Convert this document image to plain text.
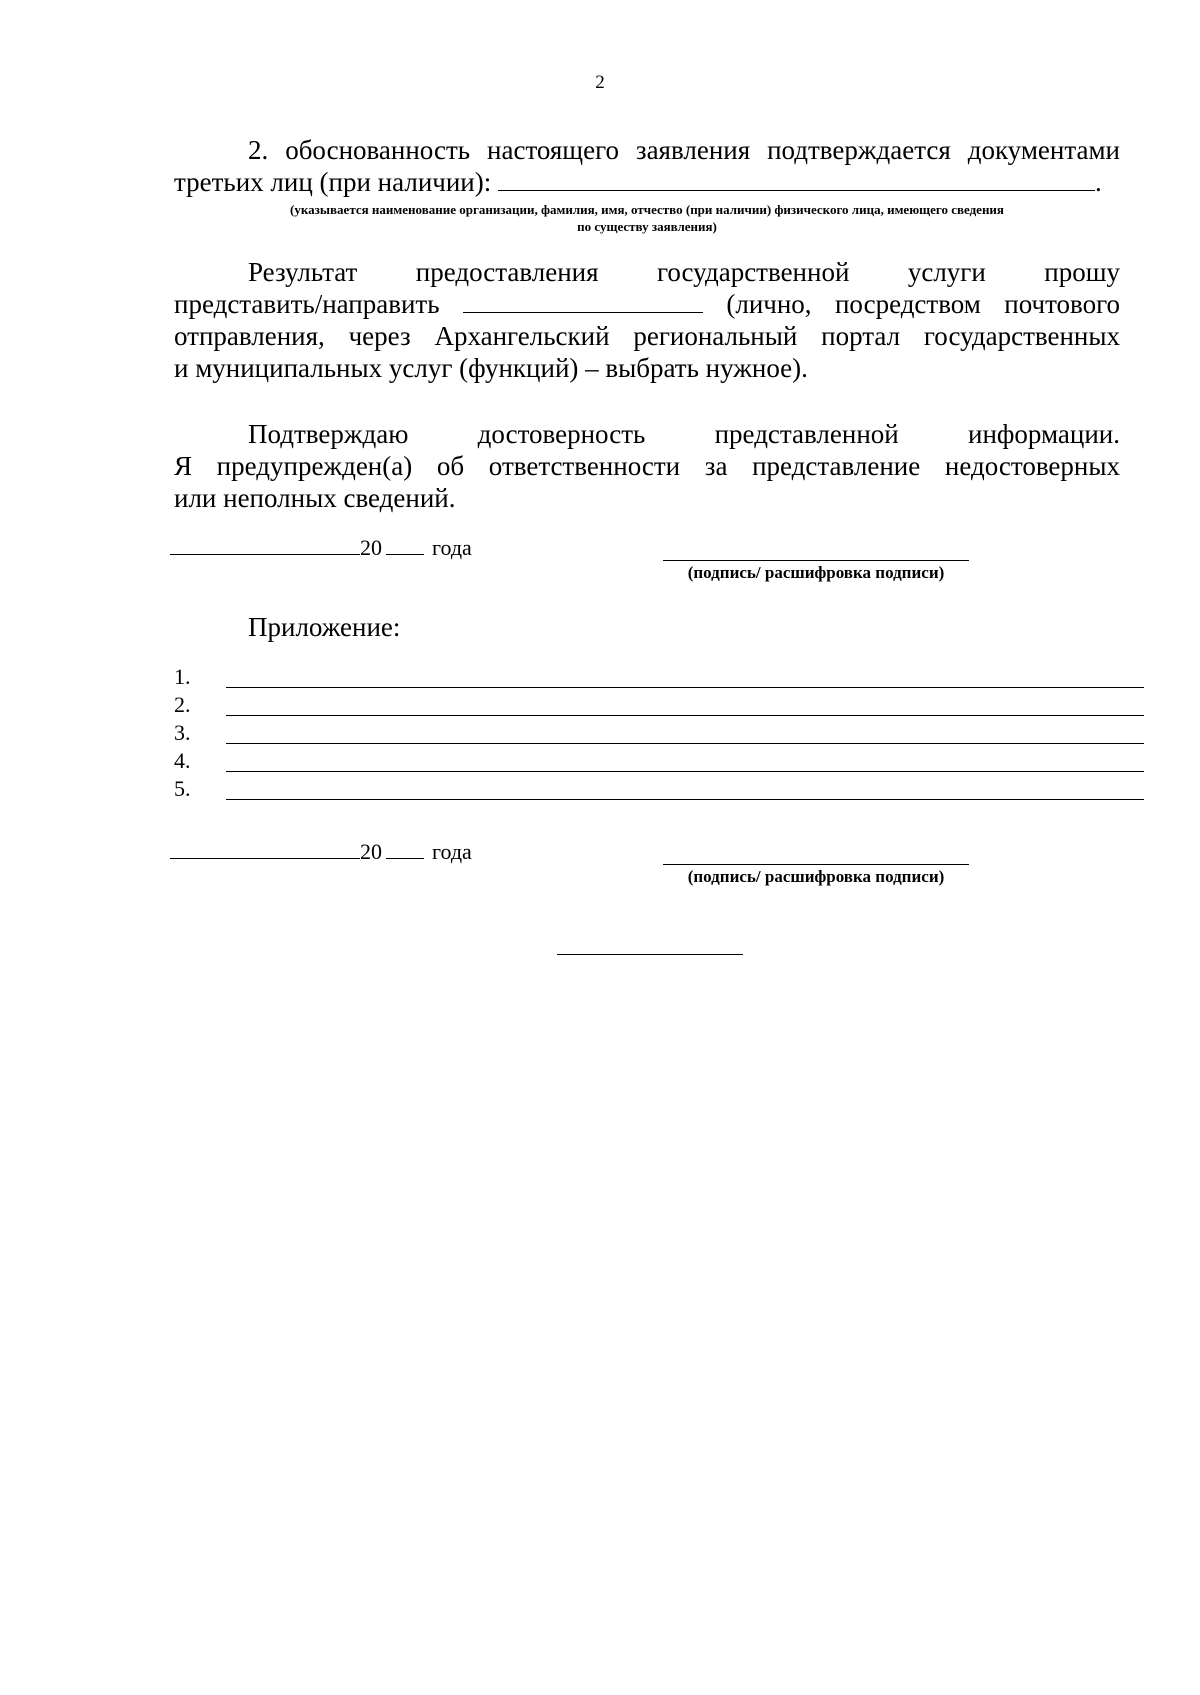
2
2. обоснованность настоящего заявления подтверждается документами
третьих лиц (при наличии):	.
(указывается наименование организации, фамилия, имя, отчество (при наличии) физического лица, имеющего сведения
по существу заявления)
Результат предоставления государственной услуги прошу
представить/направить	(лично, посредством почтового
отправления, через Архангельский региональный портал государственных
и муниципальных услуг (функций) – выбрать нужное).
Подтверждаю достоверность представленной информации.
Я предупрежден(а) об ответственности за представление недостоверных
или неполных сведений.
20 года
(подпись/ расшифровка подписи)
Приложение:
1.
2.
3.
4.
5.
20 года
(подпись/ расшифровка подписи)
